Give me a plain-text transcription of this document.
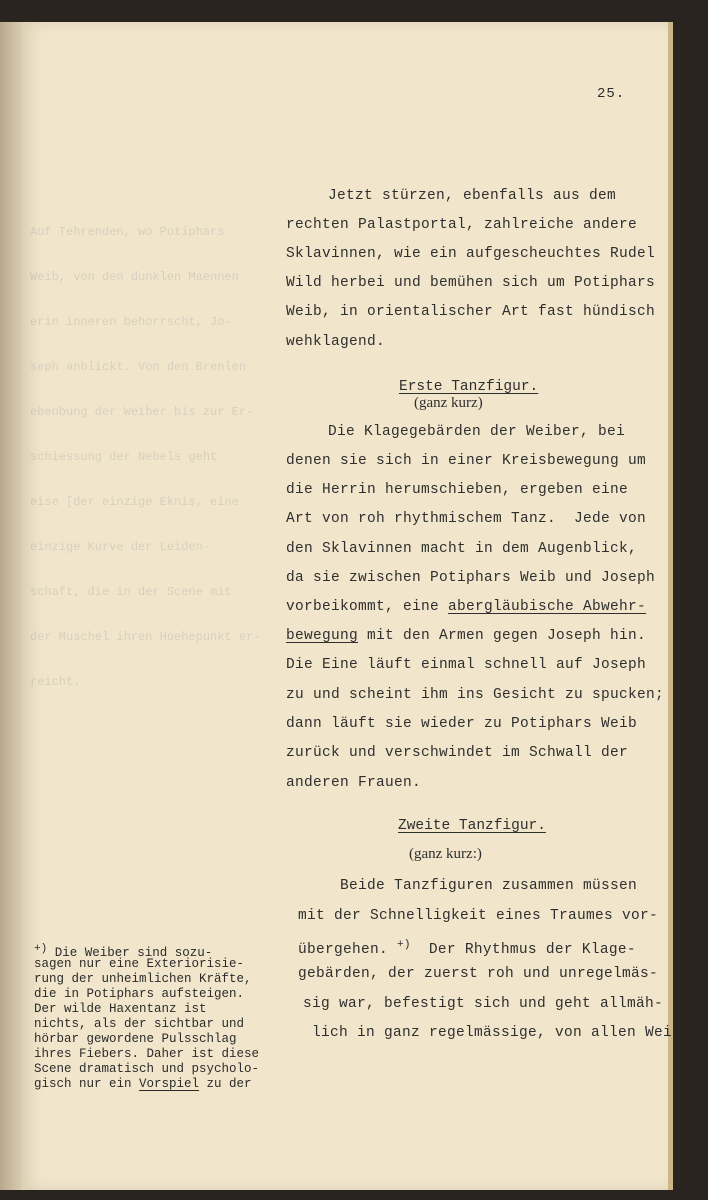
Auf Tehrenden, wo Potiphars

Weib, von den dunklen Maennen

erin inneren behorrscht, Jo-

seph anblickt. Von den Brenlen

ebenbung der Weiber bis zur Er-

schiessung der Nebels geht

eise [der einzige Eknis, eine

einzige Kurve der Leiden-

schaft, die in der Scene mit

der Muschel ihren Hoehepunkt er-

reicht.

25.
Jetzt stürzen, ebenfalls aus dem
rechten Palastportal, zahlreiche andere
Sklavinnen, wie ein aufgescheuchtes Rudel
Wild herbei und bemühen sich um Potiphars
Weib, in orientalischer Art fast hündisch
wehklagend.
Erste Tanzfigur.
(ganz kurz)
Die Klagegebärden der Weiber, bei
denen sie sich in einer Kreisbewegung um
die Herrin herumschieben, ergeben eine
Art von roh rhythmischem Tanz.  Jede von
den Sklavinnen macht in dem Augenblick,
da sie zwischen Potiphars Weib und Joseph
vorbeikommt, eine abergläubische Abwehr-
bewegung mit den Armen gegen Joseph hin.
Die Eine läuft einmal schnell auf Joseph
zu und scheint ihm ins Gesicht zu spucken;
dann läuft sie wieder zu Potiphars Weib
zurück und verschwindet im Schwall der
anderen Frauen.
Zweite Tanzfigur.
(ganz kurz:)
Beide Tanzfiguren zusammen müssen
mit der Schnelligkeit eines Traumes vor-
übergehen. +)  Der Rhythmus der Klage-
gebärden, der zuerst roh und unregelmäs-
sig war, befestigt sich und geht allmäh-
lich in ganz regelmässige, von allen Wei-
+) Die Weiber sind sozu-
sagen nur eine Exteriorisie-
rung der unheimlichen Kräfte,
die in Potiphars aufsteigen.
Der wilde Haxentanz ist
nichts, als der sichtbar und
hörbar gewordene Pulsschlag
ihres Fiebers. Daher ist diese
Scene dramatisch und psycholo-
gisch nur ein Vorspiel zu der
